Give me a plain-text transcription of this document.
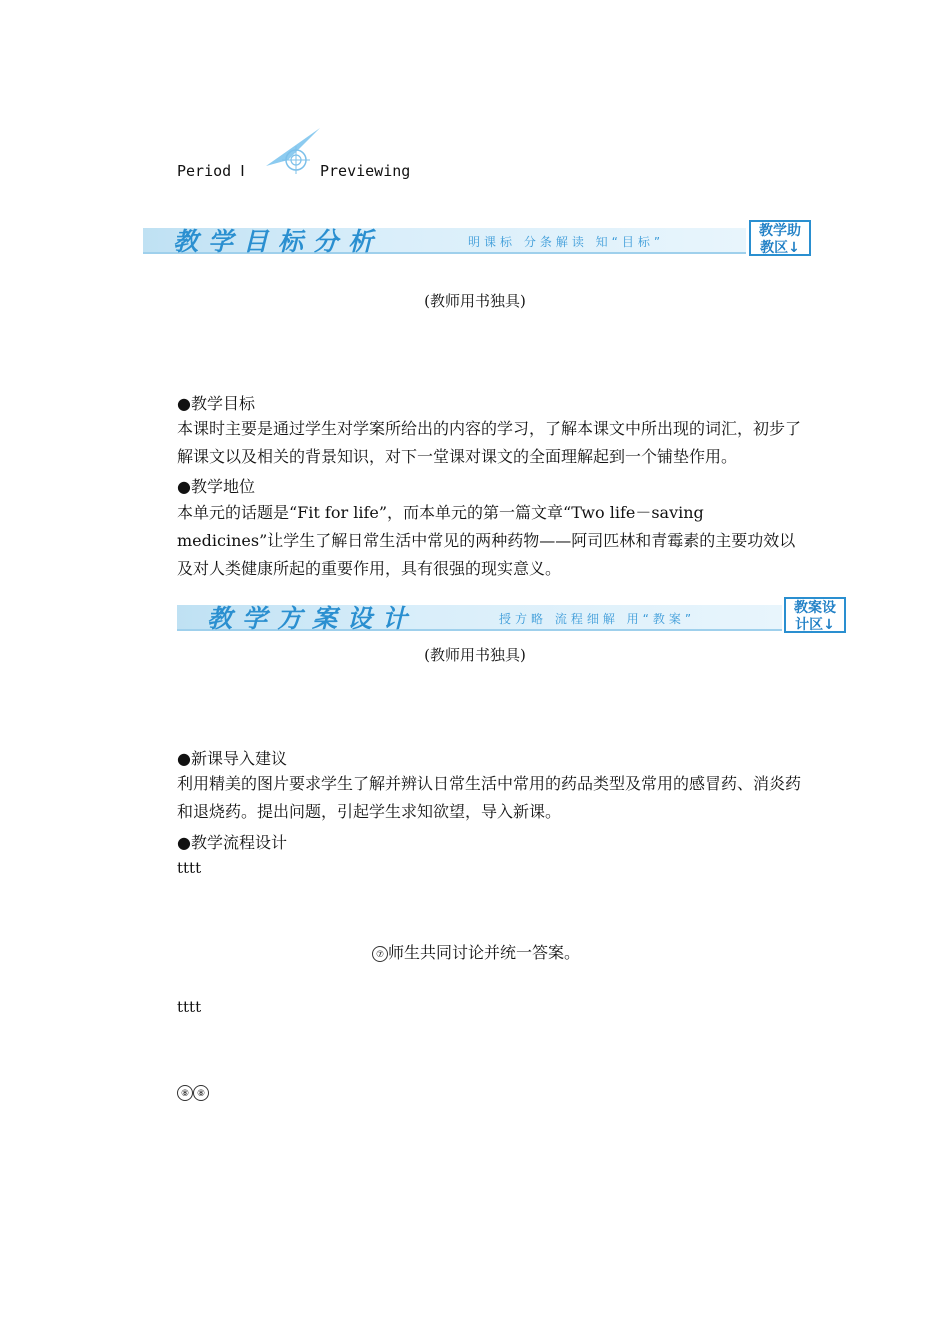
Period Ⅰ	Previewing
教学目标分析	明课标 分条解读 知“目标”
教学助
教区↓
(教师用书独具)
●教学目标
本课时主要是通过学生对学案所给出的内容的学习，了解本课文中所出现的词汇，初步了解课文以及相关的背景知识，对下一堂课对课文的全面理解起到一个铺垫作用。
●教学地位
本单元的话题是“Fit for life”，而本单元的第一篇文章“Two life－saving medicines”让学生了解日常生活中常见的两种药物——阿司匹林和青霉素的主要功效以及对人类健康所起的重要作用，具有很强的现实意义。
教学方案设计	授方略 流程细解 用“教案”
教案设
计区↓
(教师用书独具)
●新课导入建议
利用精美的图片要求学生了解并辨认日常生活中常用的药品类型及常用的感冒药、消炎药和退烧药。提出问题，引起学生求知欲望，导入新课。
●教学流程设计
tttt
⑦ 师生共同讨论并统一答案。
tttt
⑧ ⑧
